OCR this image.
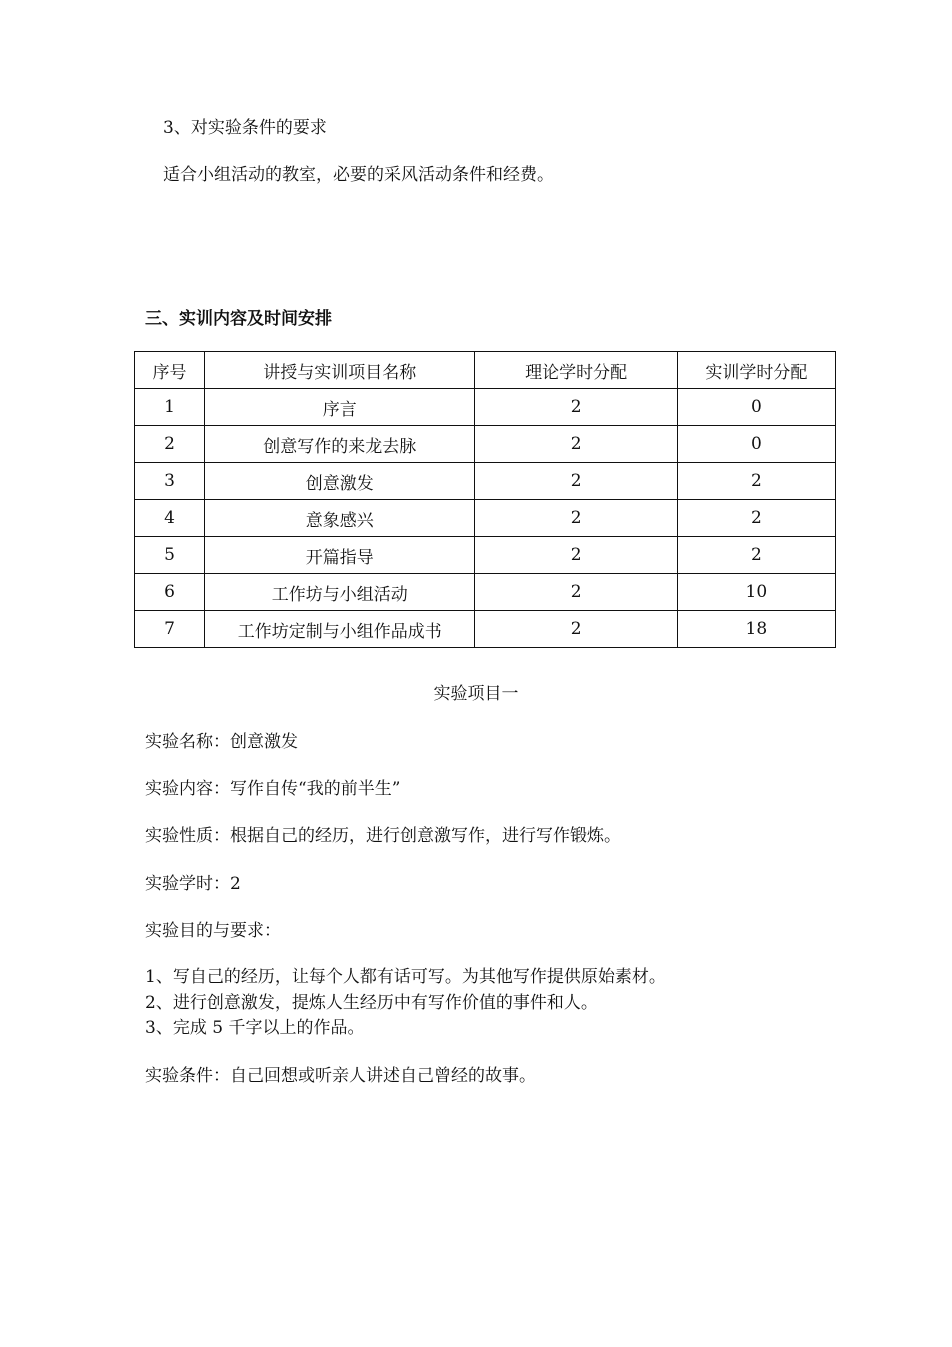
3、对实验条件的要求
适合小组活动的教室，必要的采风活动条件和经费。
三、实训内容及时间安排
序号	讲授与实训项目名称	理论学时分配	实训学时分配
1	序言	2	0
2	创意写作的来龙去脉	2	0
3	创意激发	2	2
4	意象感兴	2	2
5	开篇指导	2	2
6	工作坊与小组活动	2	10
7	工作坊定制与小组作品成书	2	18
实验项目一
实验名称：创意激发
实验内容：写作自传“我的前半生”
实验性质：根据自己的经历，进行创意激写作，进行写作锻炼。
实验学时：2
实验目的与要求：
1、写自己的经历，让每个人都有话可写。为其他写作提供原始素材。
2、进行创意激发，提炼人生经历中有写作价值的事件和人。
3、完成 5 千字以上的作品。
实验条件：自己回想或听亲人讲述自己曾经的故事。
